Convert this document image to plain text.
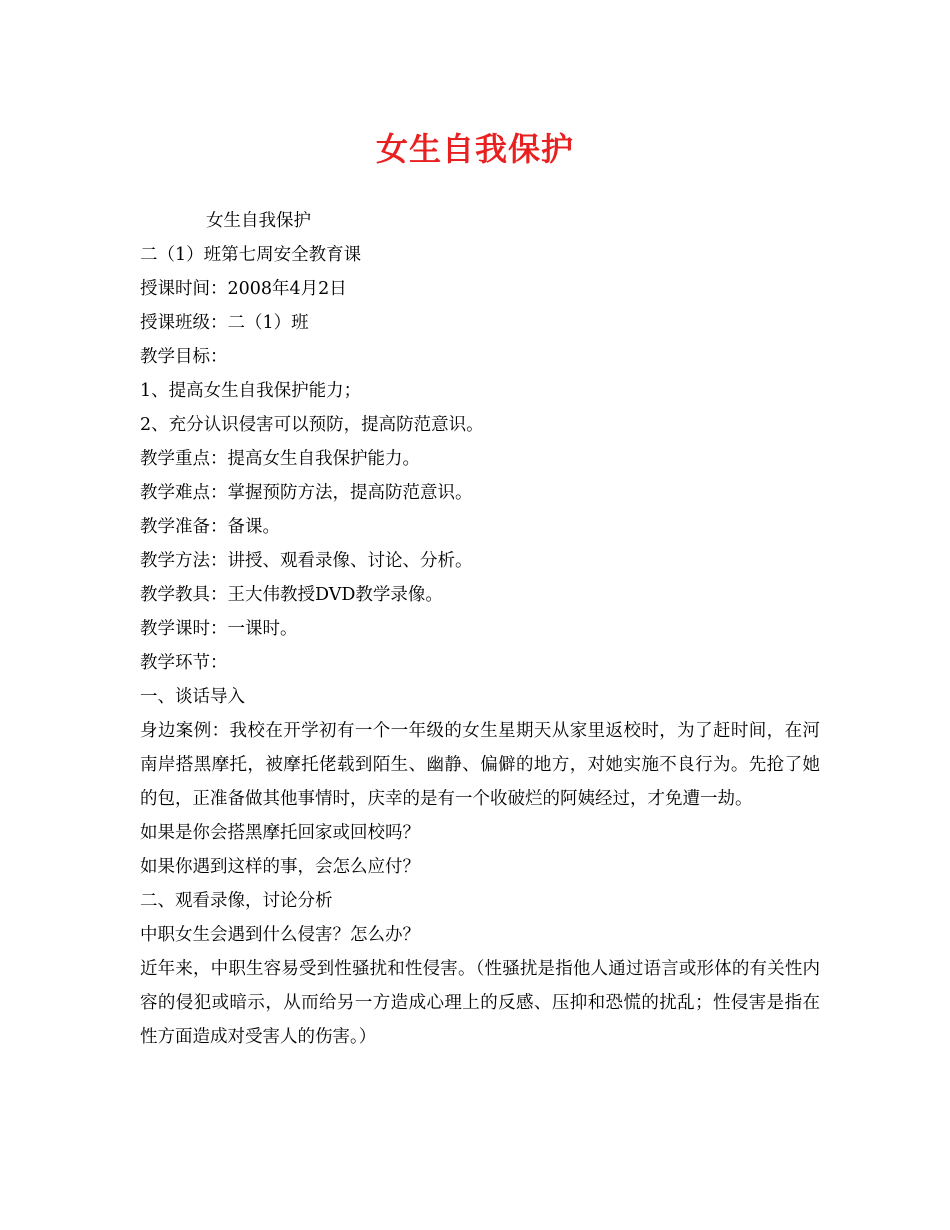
女生自我保护

女生自我保护

二（1）班第七周安全教育课

授课时间：2008年4月2日

授课班级：二（1）班

教学目标：

1、提高女生自我保护能力；

2、充分认识侵害可以预防，提高防范意识。

教学重点：提高女生自我保护能力。

教学难点：掌握预防方法，提高防范意识。

教学准备：备课。

教学方法：讲授、观看录像、讨论、分析。

教学教具：王大伟教授DVD教学录像。

教学课时：一课时。

教学环节：

一、谈话导入

身边案例：我校在开学初有一个一年级的女生星期天从家里返校时，为了赶时间，在河南岸搭黑摩托，被摩托佬载到陌生、幽静、偏僻的地方，对她实施不良行为。先抢了她的包，正准备做其他事情时，庆幸的是有一个收破烂的阿姨经过，才免遭一劫。

如果是你会搭黑摩托回家或回校吗？

如果你遇到这样的事，会怎么应付？

二、观看录像，讨论分析

中职女生会遇到什么侵害？怎么办？

近年来，中职生容易受到性骚扰和性侵害。（性骚扰是指他人通过语言或形体的有关性内容的侵犯或暗示，从而给另一方造成心理上的反感、压抑和恐慌的扰乱；性侵害是指在性方面造成对受害人的伤害。）
